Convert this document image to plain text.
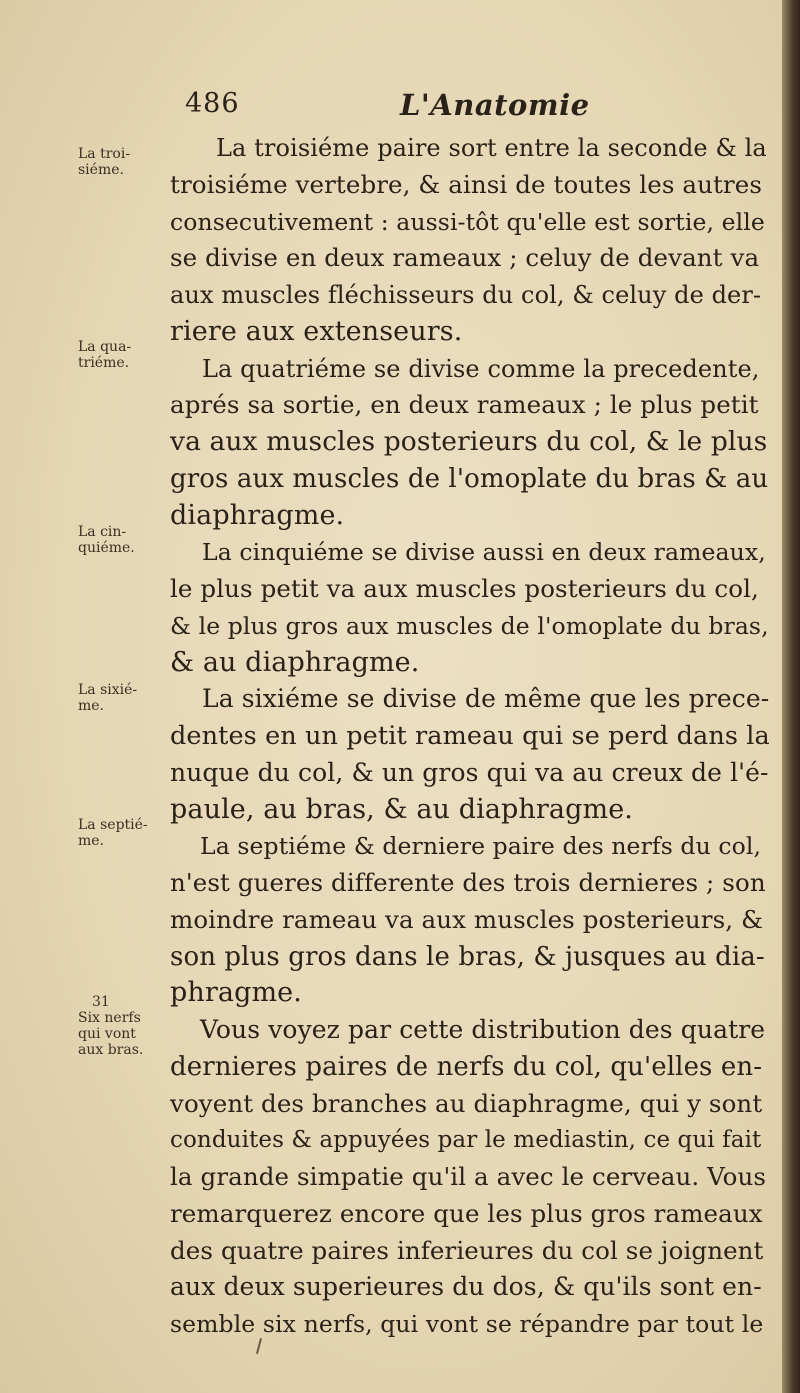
486	L'Anatomie
La troi-
siéme.
La qua-
triéme.
La cin-
quiéme.
La sixié-
me.
La septié-
me.
31
Six nerfs
qui vont
aux bras.
La troisiéme paire sort entre la seconde & la
troisiéme vertebre, & ainsi de toutes les autres
consecutivement : aussi-tôt qu'elle est sortie, elle
se divise en deux rameaux ; celuy de devant va
aux muscles fléchisseurs du col, & celuy de der-
riere aux extenseurs.
La quatriéme se divise comme la precedente,
aprés sa sortie, en deux rameaux ; le plus petit
va aux muscles posterieurs du col, & le plus
gros aux muscles de l'omoplate du bras & au
diaphragme.
La cinquiéme se divise aussi en deux rameaux,
le plus petit va aux muscles posterieurs du col,
& le plus gros aux muscles de l'omoplate du bras,
& au diaphragme.
La sixiéme se divise de même que les prece-
dentes en un petit rameau qui se perd dans la
nuque du col, & un gros qui va au creux de l'é-
paule, au bras, & au diaphragme.
La septiéme & derniere paire des nerfs du col,
n'est gueres differente des trois dernieres ; son
moindre rameau va aux muscles posterieurs, &
son plus gros dans le bras, & jusques au dia-
phragme.
Vous voyez par cette distribution des quatre
dernieres paires de nerfs du col, qu'elles en-
voyent des branches au diaphragme, qui y sont
conduites & appuyées par le mediastin, ce qui fait
la grande simpatie qu'il a avec le cerveau. Vous
remarquerez encore que les plus gros rameaux
des quatre paires inferieures du col se joignent
aux deux superieures du dos, & qu'ils sont en-
semble six nerfs, qui vont se répandre par tout le
